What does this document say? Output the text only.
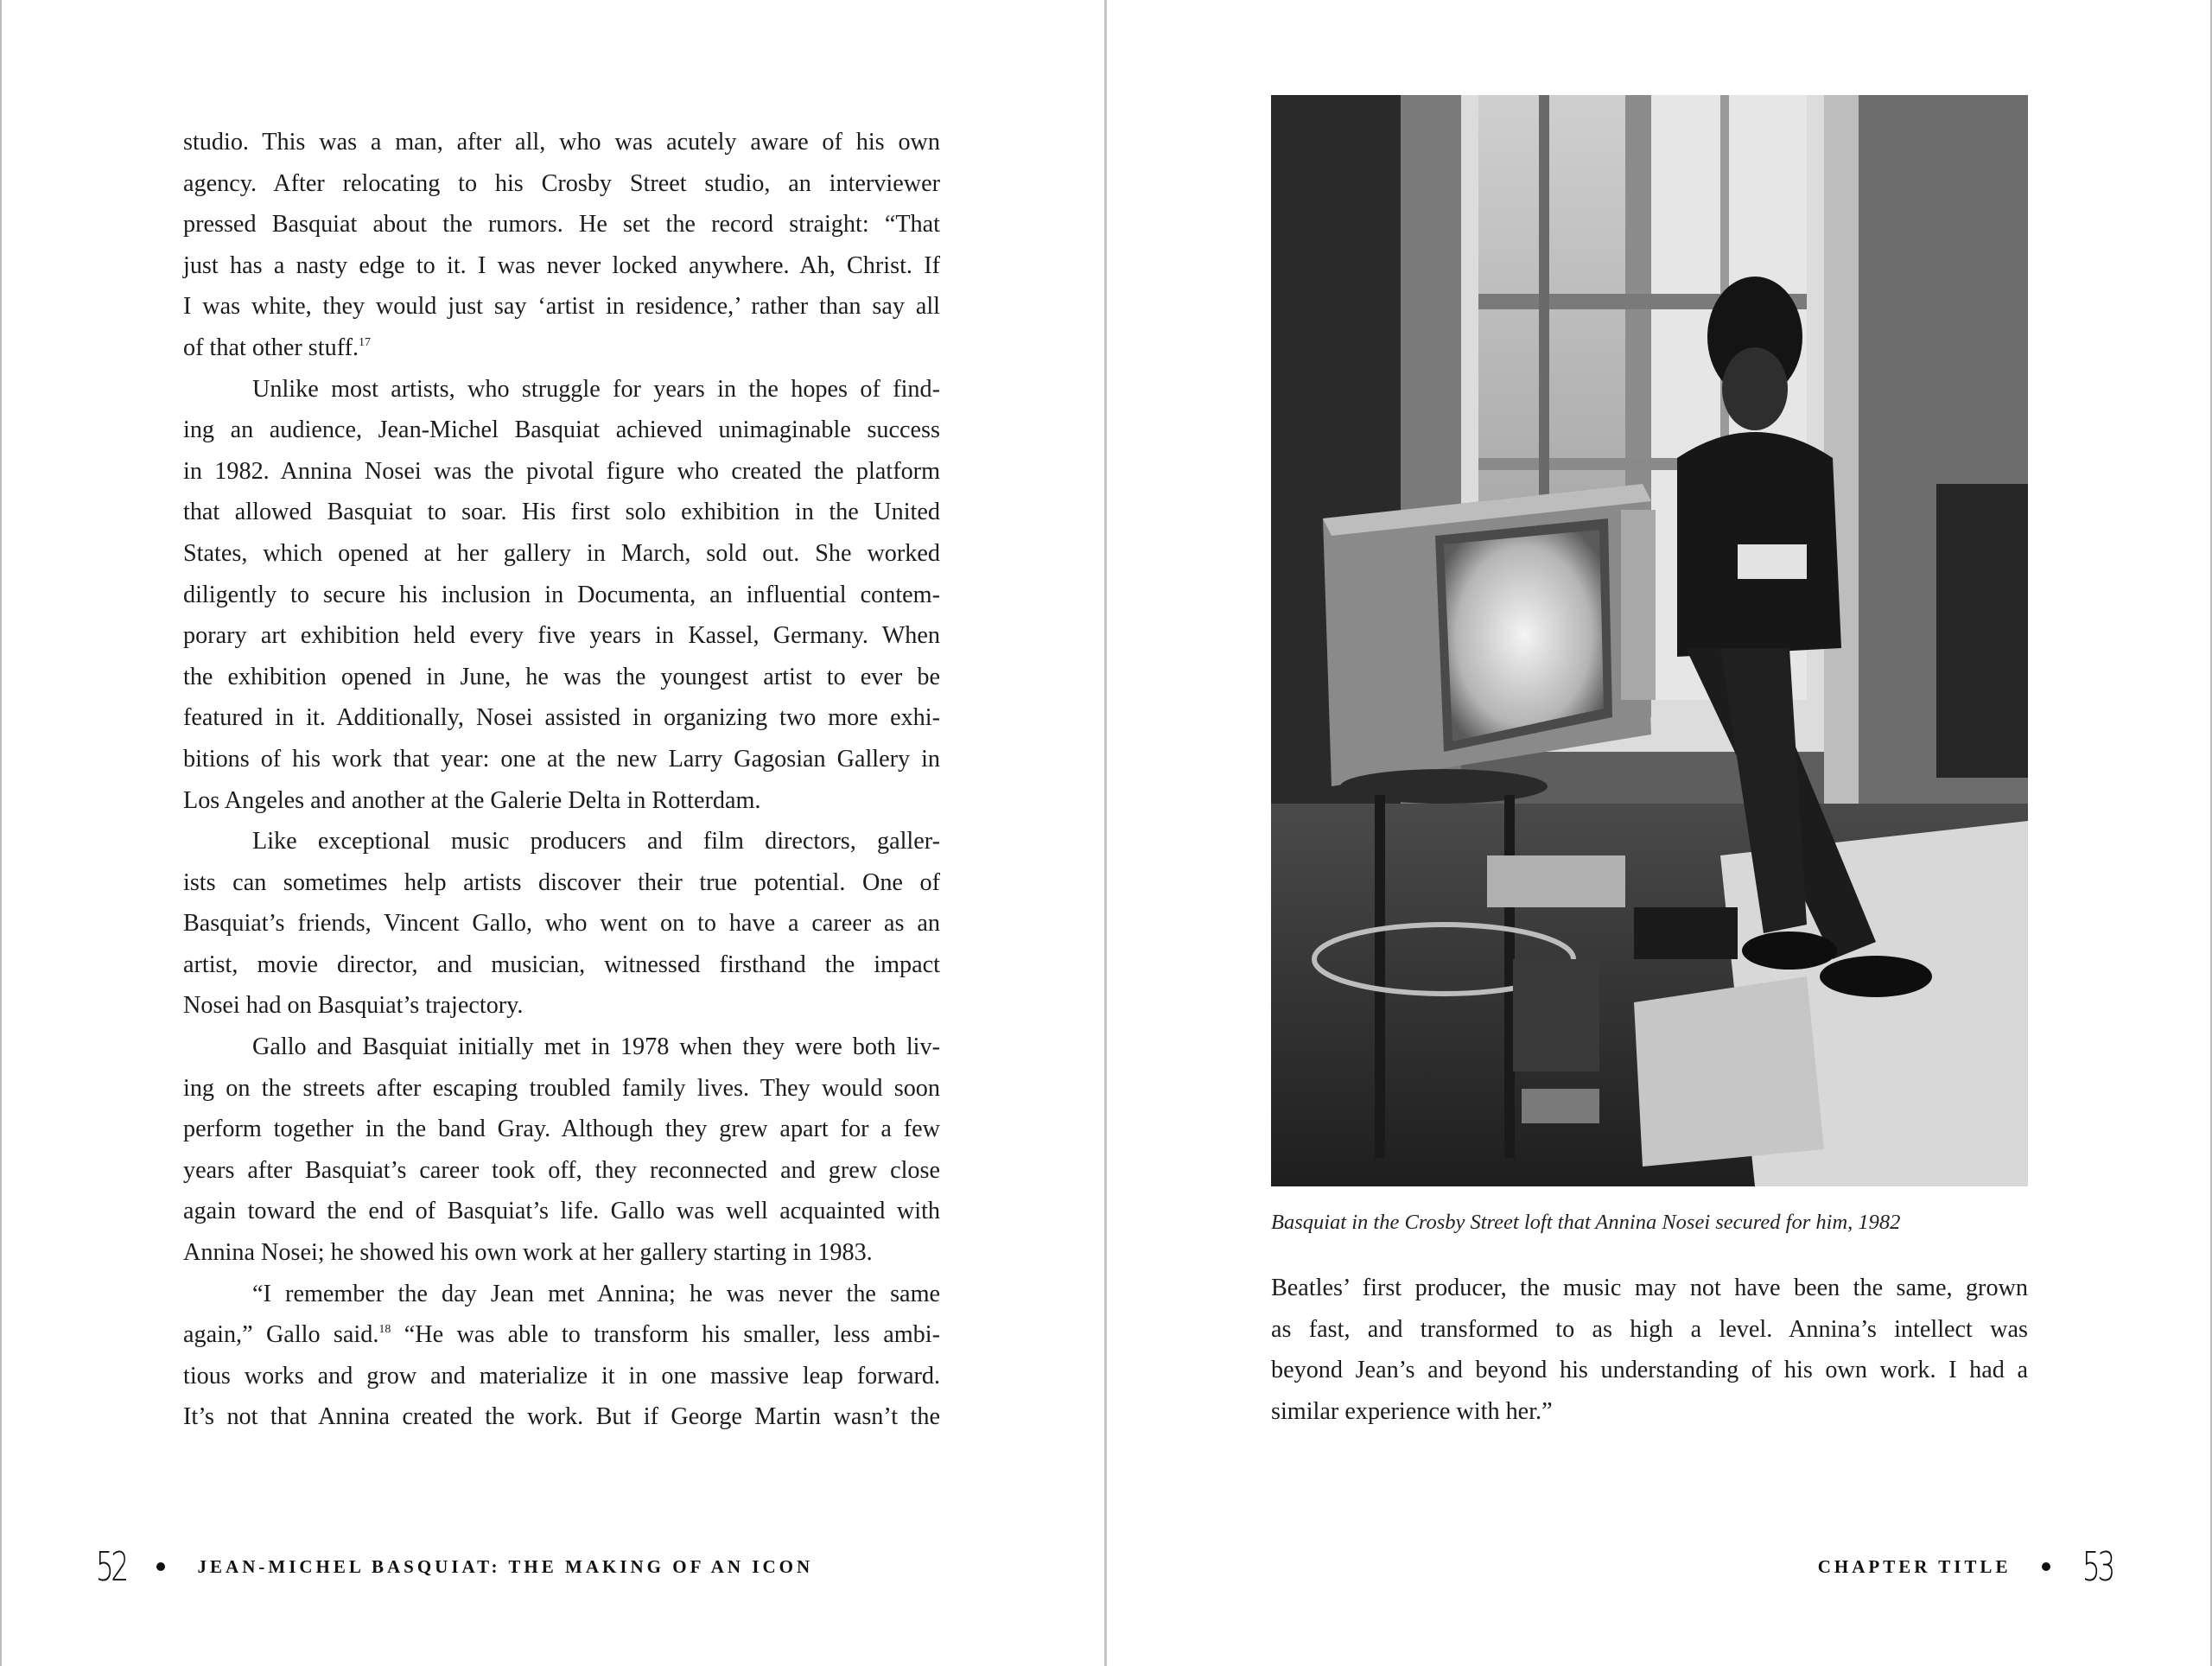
studio. This was a man, after all, who was acutely aware of his own
agency. After relocating to his Crosby Street studio, an interviewer
pressed Basquiat about the rumors. He set the record straight: “That
just has a nasty edge to it. I was never locked anywhere. Ah, Christ. If
I was white, they would just say ‘artist in residence,’ rather than say all
of that other stuff.$^{17}$
Unlike most artists, who struggle for years in the hopes of find-
ing an audience, Jean-Michel Basquiat achieved unimaginable success
in 1982. Annina Nosei was the pivotal figure who created the platform
that allowed Basquiat to soar. His first solo exhibition in the United
States, which opened at her gallery in March, sold out. She worked
diligently to secure his inclusion in Documenta, an influential contem-
porary art exhibition held every five years in Kassel, Germany. When
the exhibition opened in June, he was the youngest artist to ever be
featured in it. Additionally, Nosei assisted in organizing two more exhi-
bitions of his work that year: one at the new Larry Gagosian Gallery in
Los Angeles and another at the Galerie Delta in Rotterdam.
Like exceptional music producers and film directors, galler-
ists can sometimes help artists discover their true potential. One of
Basquiat’s friends, Vincent Gallo, who went on to have a career as an
artist, movie director, and musician, witnessed firsthand the impact
Nosei had on Basquiat’s trajectory.
Gallo and Basquiat initially met in 1978 when they were both liv-
ing on the streets after escaping troubled family lives. They would soon
perform together in the band Gray. Although they grew apart for a few
years after Basquiat’s career took off, they reconnected and grew close
again toward the end of Basquiat’s life. Gallo was well acquainted with
Annina Nosei; he showed his own work at her gallery starting in 1983.
“I remember the day Jean met Annina; he was never the same
again,” Gallo said.$^{18}$ “He was able to transform his smaller, less ambi-
tious works and grow and materialize it in one massive leap forward.
It’s not that Annina created the work. But if George Martin wasn’t the
52	JEAN-MICHEL BASQUIAT: THE MAKING OF AN ICON
Basquiat in the Crosby Street loft that Annina Nosei secured for him, 1982
Beatles’ first producer, the music may not have been the same, grown
as fast, and transformed to as high a level. Annina’s intellect was
beyond Jean’s and beyond his understanding of his own work. I had a
similar experience with her.”
CHAPTER TITLE 53
